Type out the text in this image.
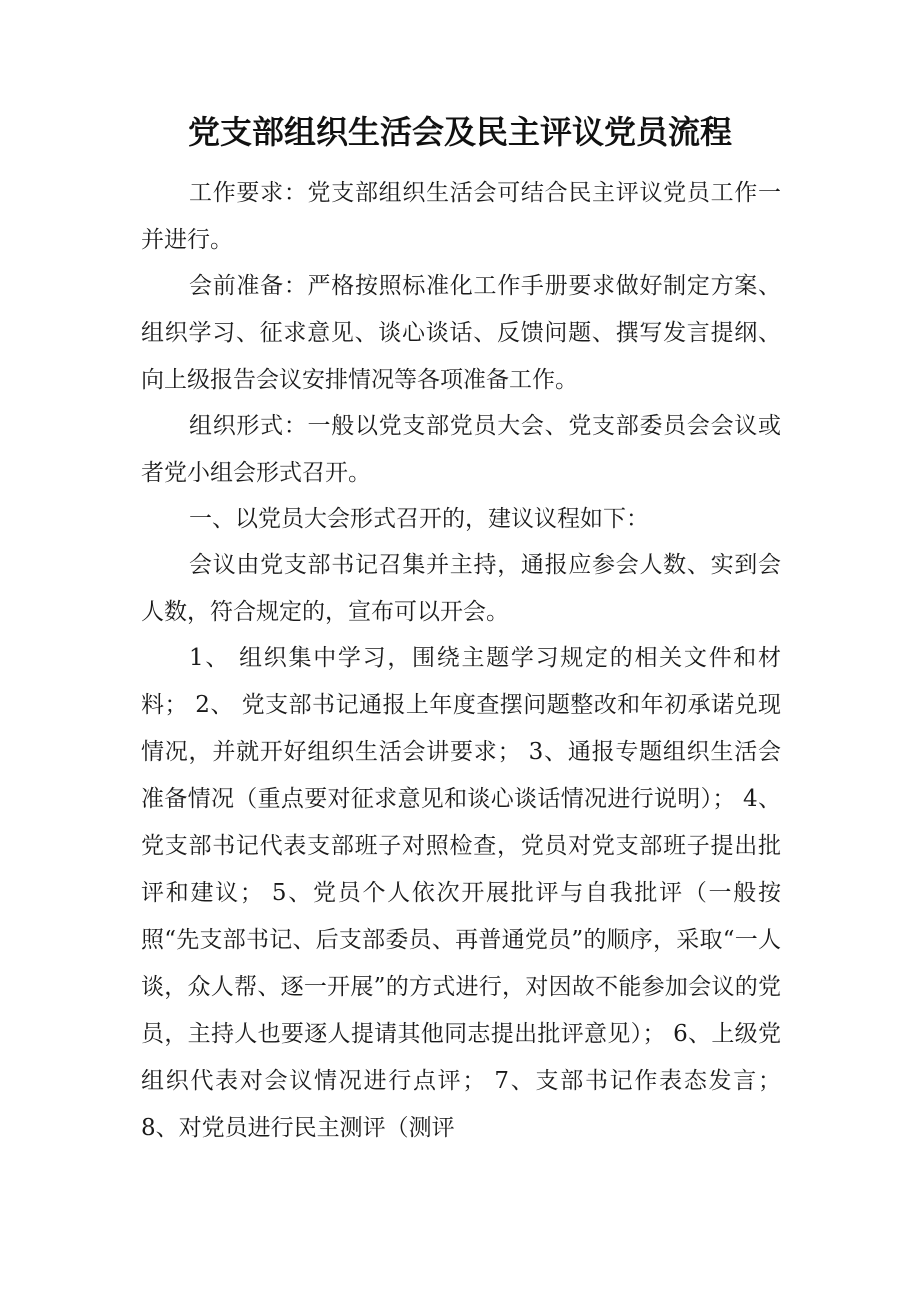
党支部组织生活会及民主评议党员流程

工作要求：党支部组织生活会可结合民主评议党员工作一并进行。

会前准备：严格按照标准化工作手册要求做好制定方案、组织学习、征求意见、谈心谈话、反馈问题、撰写发言提纲、向上级报告会议安排情况等各项准备工作。

组织形式：一般以党支部党员大会、党支部委员会会议或者党小组会形式召开。

一、以党员大会形式召开的，建议议程如下：

会议由党支部书记召集并主持，通报应参会人数、实到会人数，符合规定的，宣布可以开会。

1、 组织集中学习，围绕主题学习规定的相关文件和材料； 2、 党支部书记通报上年度查摆问题整改和年初承诺兑现情况，并就开好组织生活会讲要求； 3、通报专题组织生活会准备情况（重点要对征求意见和谈心谈话情况进行说明）； 4、党支部书记代表支部班子对照检查，党员对党支部班子提出批评和建议； 5、党员个人依次开展批评与自我批评（一般按照“先支部书记、后支部委员、再普通党员”的顺序，采取“一人谈，众人帮、逐一开展”的方式进行，对因故不能参加会议的党员，主持人也要逐人提请其他同志提出批评意见）； 6、上级党组织代表对会议情况进行点评； 7、支部书记作表态发言； 8、对党员进行民主测评（测评
